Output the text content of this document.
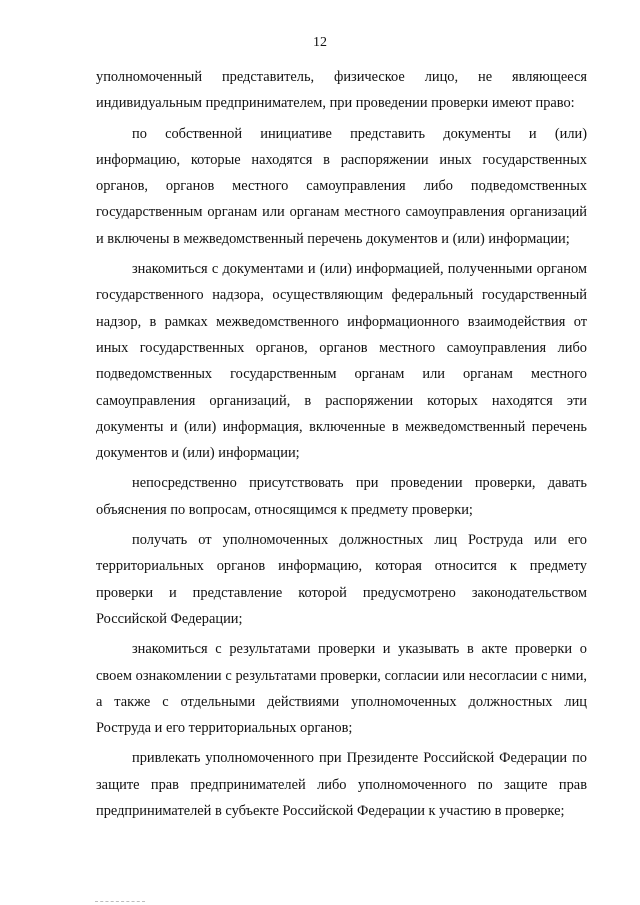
12

уполномоченный представитель, физическое лицо, не являющееся индивидуальным предпринимателем, при проведении проверки имеют право:

по собственной инициативе представить документы и (или) информацию, которые находятся в распоряжении иных государственных органов, органов местного самоуправления либо подведомственных государственным органам или органам местного самоуправления организаций и включены в межведомственный перечень документов и (или) информации;

знакомиться с документами и (или) информацией, полученными органом государственного надзора, осуществляющим федеральный государственный надзор, в рамках межведомственного информационного взаимодействия от иных государственных органов, органов местного самоуправления либо подведомственных государственным органам или органам местного самоуправления организаций, в распоряжении которых находятся эти документы и (или) информация, включенные в межведомственный перечень документов и (или) информации;

непосредственно присутствовать при проведении проверки, давать объяснения по вопросам, относящимся к предмету проверки;

получать от уполномоченных должностных лиц Роструда или его территориальных органов информацию, которая относится к предмету проверки и представление которой предусмотрено законодательством Российской Федерации;

знакомиться с результатами проверки и указывать в акте проверки о своем ознакомлении с результатами проверки, согласии или несогласии с ними, а также с отдельными действиями уполномоченных должностных лиц Роструда и его территориальных органов;

привлекать уполномоченного при Президенте Российской Федерации по защите прав предпринимателей либо уполномоченного по защите прав предпринимателей в субъекте Российской Федерации к участию в проверке;
